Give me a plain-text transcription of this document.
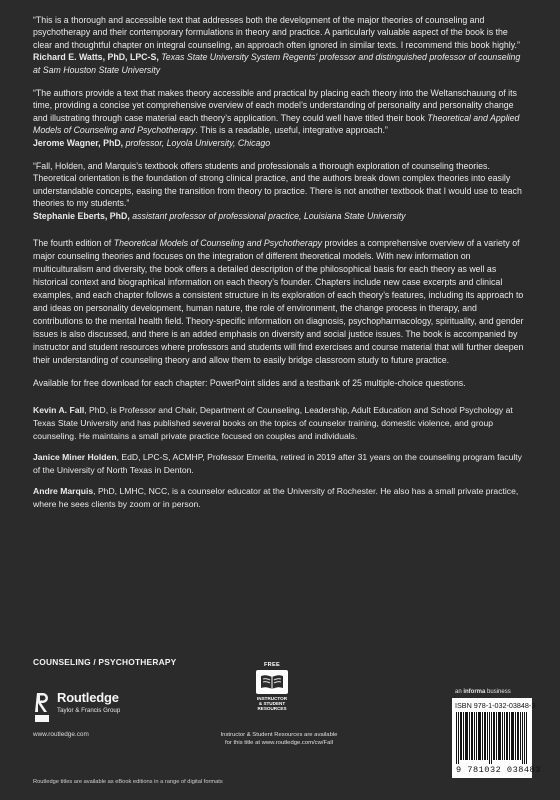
“This is a thorough and accessible text that addresses both the development of the major theories of counseling and psychotherapy and their contemporary formulations in theory and practice. A particularly valuable aspect of the book is the clear and thoughtful chapter on integral counseling, an approach often ignored in similar texts. I recommend this book highly.”

Richard E. Watts, PhD, LPC-S, Texas State University System Regents’ professor and distinguished professor of counseling at Sam Houston State University

“The authors provide a text that makes theory accessible and practical by placing each theory into the Weltanschauung of its time, providing a concise yet comprehensive overview of each model’s understanding of personality and personality change and illustrating through case material each theory’s application. They could well have titled their book Theoretical and Applied Models of Counseling and Psychotherapy. This is a readable, useful, integrative approach.”

Jerome Wagner, PhD, professor, Loyola University, Chicago

“Fall, Holden, and Marquis’s textbook offers students and professionals a thorough exploration of counseling theories. Theoretical orientation is the foundation of strong clinical practice, and the authors break down complex theories into easily understandable concepts, easing the transition from theory to practice. There is not another textbook that I would use to teach theories to my students.”

Stephanie Eberts, PhD, assistant professor of professional practice, Louisiana State University

The fourth edition of Theoretical Models of Counseling and Psychotherapy provides a comprehensive overview of a variety of major counseling theories and focuses on the integration of different theoretical models. With new information on multiculturalism and diversity, the book offers a detailed description of the philosophical basis for each theory as well as historical context and biographical information on each theory’s founder. Chapters include new case excerpts and clinical examples, and each chapter follows a consistent structure in its exploration of each theory’s features, including its approach to and ideas on personality development, human nature, the role of environment, the change process in therapy, and contributions to the mental health field. Theory-specific information on diagnosis, psychopharmacology, spirituality, and gender issues is also discussed, and there is an added emphasis on diversity and social justice issues. The book is accompanied by instructor and student resources where professors and students will find exercises and course material that will further deepen their understanding of counseling theory and allow them to easily bridge classroom study to future practice.

Available for free download for each chapter: PowerPoint slides and a testbank of 25 multiple-choice questions.

Kevin A. Fall, PhD, is Professor and Chair, Department of Counseling, Leadership, Adult Education and School Psychology at Texas State University and has published several books on the topics of counselor training, domestic violence, and group counseling. He maintains a small private practice focused on couples and individuals.

Janice Miner Holden, EdD, LPC-S, ACMHP, Professor Emerita, retired in 2019 after 31 years on the counseling program faculty of the University of North Texas in Denton.

Andre Marquis, PhD, LMHC, NCC, is a counselor educator at the University of Rochester. He also has a small private practice, where he sees clients by zoom or in person.

COUNSELING / PSYCHOTHERAPY
Routledge
Taylor & Francis Group
www.routledge.com
FREE
INSTRUCTOR
& STUDENT
RESOURCES
Instructor & Student Resources are available
for this title at www.routledge.com/cw/Fall
an informa business
ISBN 978-1-032-03848-3
9 781032 038483
Routledge titles are available as eBook editions in a range of digital formats
